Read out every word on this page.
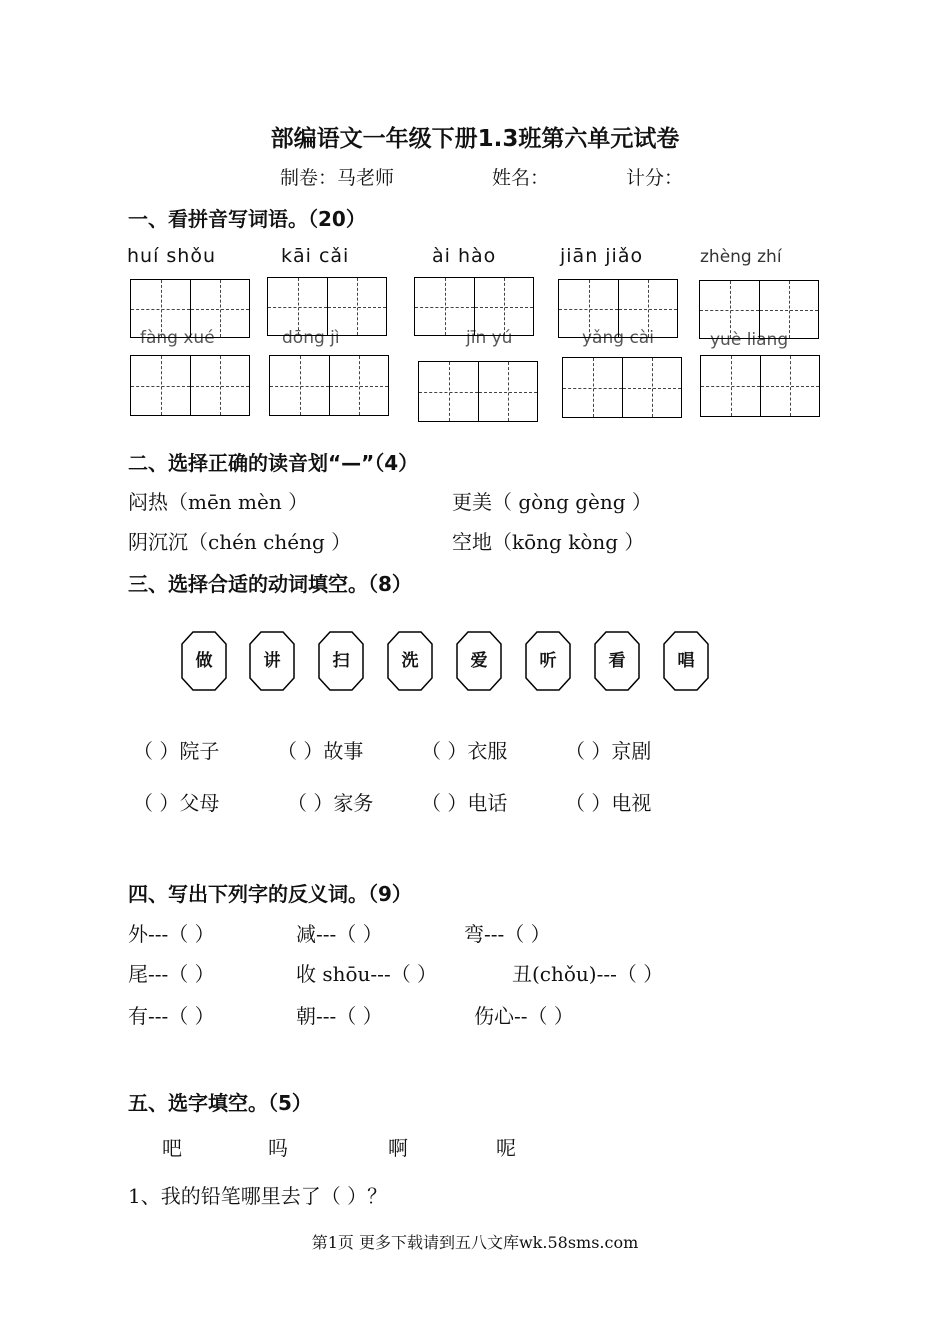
部编语文一年级下册1.3班第六单元试卷
制卷：马老师	姓名：	计分：
一、看拼音写词语。（20）
huí shǒu	kāi cǎi	ài hào	jiān jiǎo	zhèng zhí
fàng xué	dōng jì	jīn yú	yǎng cài	yuè liang
二、选择正确的读音划“—”（4）
闷热（mēn mèn ）	更美（ gòng gèng ）
阴沉沉（chén chéng ）	空地（kōng kòng ）
三、选择合适的动词填空。（8）
做	讲	扫	洗	爱	听	看	唱
（ ）院子	（ ）故事	（ ）衣服	（ ）京剧
（ ）父母	（ ）家务 （ ）电话	（ ）电视
四、写出下列字的反义词。（9）
外---（ ）	减---（ ）	弯---（ ）
尾---（ ）	收 shōu---（ ）	丑(chǒu)---（ ）
有---（ ）	朝---（ ）	伤心--（ ）
五、选字填空。（5）
吧	吗	啊	呢
1、我的铅笔哪里去了（ ）？
第1页 更多下载请到五八文库wk.58sms.com
